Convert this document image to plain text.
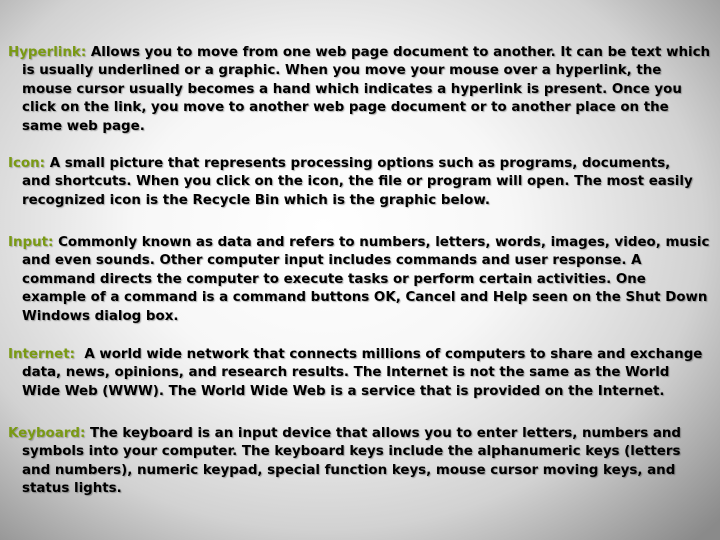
Hyperlink: Allows you to move from one web page document to another. It can be text which is usually underlined or a graphic. When you move your mouse over a hyperlink, the mouse cursor usually becomes a hand which indicates a hyperlink is present. Once you click on the link, you move to another web page document or to another place on the same web page.
Icon: A small picture that represents processing options such as programs, documents, and shortcuts. When you click on the icon, the file or program will open. The most easily recognized icon is the Recycle Bin which is the graphic below.
Input: Commonly known as data and refers to numbers, letters, words, images, video, music and even sounds. Other computer input includes commands and user response. A command directs the computer to execute tasks or perform certain activities. One example of a command is a command buttons OK, Cancel and Help seen on the Shut Down Windows dialog box.
Internet: A world wide network that connects millions of computers to share and exchange data, news, opinions, and research results. The Internet is not the same as the World Wide Web (WWW). The World Wide Web is a service that is provided on the Internet.
Keyboard: The keyboard is an input device that allows you to enter letters, numbers and symbols into your computer. The keyboard keys include the alphanumeric keys (letters and numbers), numeric keypad, special function keys, mouse cursor moving keys, and status lights.
